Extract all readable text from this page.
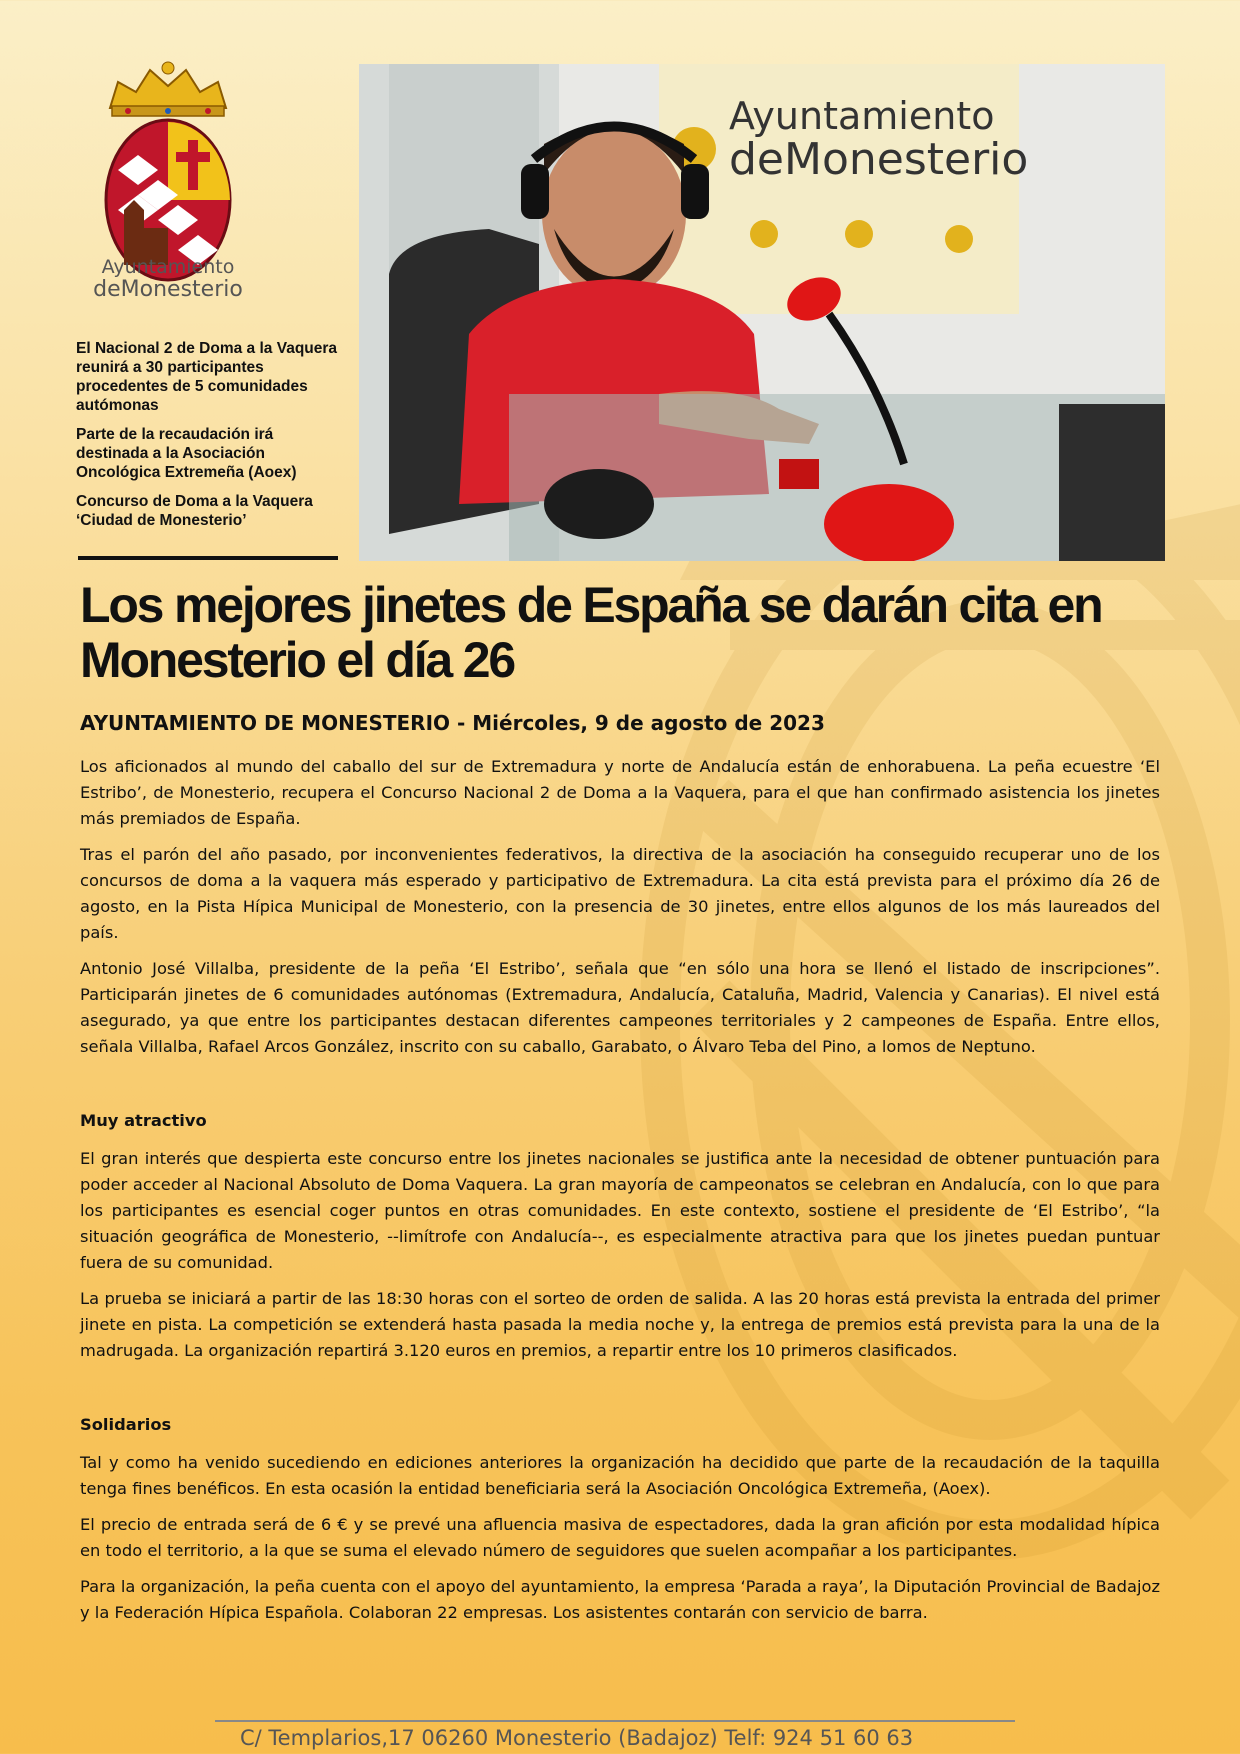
Ayuntamiento
deMonesterio

El Nacional 2 de Doma a la Vaquera reunirá a 30 participantes procedentes de 5 comunidades autómonas

Parte de la recaudación irá destinada a la Asociación Oncológica Extremeña (Aoex)

Concurso de Doma a la Vaquera ‘Ciudad de Monesterio’

Ayuntamiento
deMonesterio
Los mejores jinetes de España se darán cita en Monesterio el día 26

AYUNTAMIENTO DE MONESTERIO - Miércoles, 9 de agosto de 2023

Los aficionados al mundo del caballo del sur de Extremadura y norte de Andalucía están de enhorabuena. La peña ecuestre ‘El Estribo’, de Monesterio, recupera el Concurso Nacional 2 de Doma a la Vaquera, para el que han confirmado asistencia los jinetes más premiados de España.

Tras el parón del año pasado, por inconvenientes federativos, la directiva de la asociación ha conseguido recuperar uno de los concursos de doma a la vaquera más esperado y participativo de Extremadura. La cita está prevista para el próximo día 26 de agosto, en la Pista Hípica Municipal de Monesterio, con la presencia de 30 jinetes, entre ellos algunos de los más laureados del país.

Antonio José Villalba, presidente de la peña ‘El Estribo’, señala que “en sólo una hora se llenó el listado de inscripciones”. Participarán jinetes de 6 comunidades autónomas (Extremadura, Andalucía, Cataluña, Madrid, Valencia y Canarias). El nivel está asegurado, ya que entre los participantes destacan diferentes campeones territoriales y 2 campeones de España. Entre ellos, señala Villalba, Rafael Arcos González, inscrito con su caballo, Garabato, o Álvaro Teba del Pino, a lomos de Neptuno.

Muy atractivo

El gran interés que despierta este concurso entre los jinetes nacionales se justifica ante la necesidad de obtener puntuación para poder acceder al Nacional Absoluto de Doma Vaquera. La gran mayoría de campeonatos se celebran en Andalucía, con lo que para los participantes es esencial coger puntos en otras comunidades. En este contexto, sostiene el presidente de ‘El Estribo’, “la situación geográfica de Monesterio, --limítrofe con Andalucía--, es especialmente atractiva para que los jinetes puedan puntuar fuera de su comunidad.

La prueba se iniciará a partir de las 18:30 horas con el sorteo de orden de salida. A las 20 horas está prevista la entrada del primer jinete en pista. La competición se extenderá hasta pasada la media noche y, la entrega de premios está prevista para la una de la madrugada. La organización repartirá 3.120 euros en premios, a repartir entre los 10 primeros clasificados.

Solidarios

Tal y como ha venido sucediendo en ediciones anteriores la organización ha decidido que parte de la recaudación de la taquilla tenga fines benéficos. En esta ocasión la entidad beneficiaria será la Asociación Oncológica Extremeña, (Aoex).

El precio de entrada será de 6 € y se prevé una afluencia masiva de espectadores, dada la gran afición por esta modalidad hípica en todo el territorio, a la que se suma el elevado número de seguidores que suelen acompañar a los participantes.

Para la organización, la peña cuenta con el apoyo del ayuntamiento, la empresa ‘Parada a raya’, la Diputación Provincial de Badajoz y la Federación Hípica Española. Colaboran 22 empresas. Los asistentes contarán con servicio de barra.

C/ Templarios,17 06260 Monesterio (Badajoz) Telf: 924 51 60 63
